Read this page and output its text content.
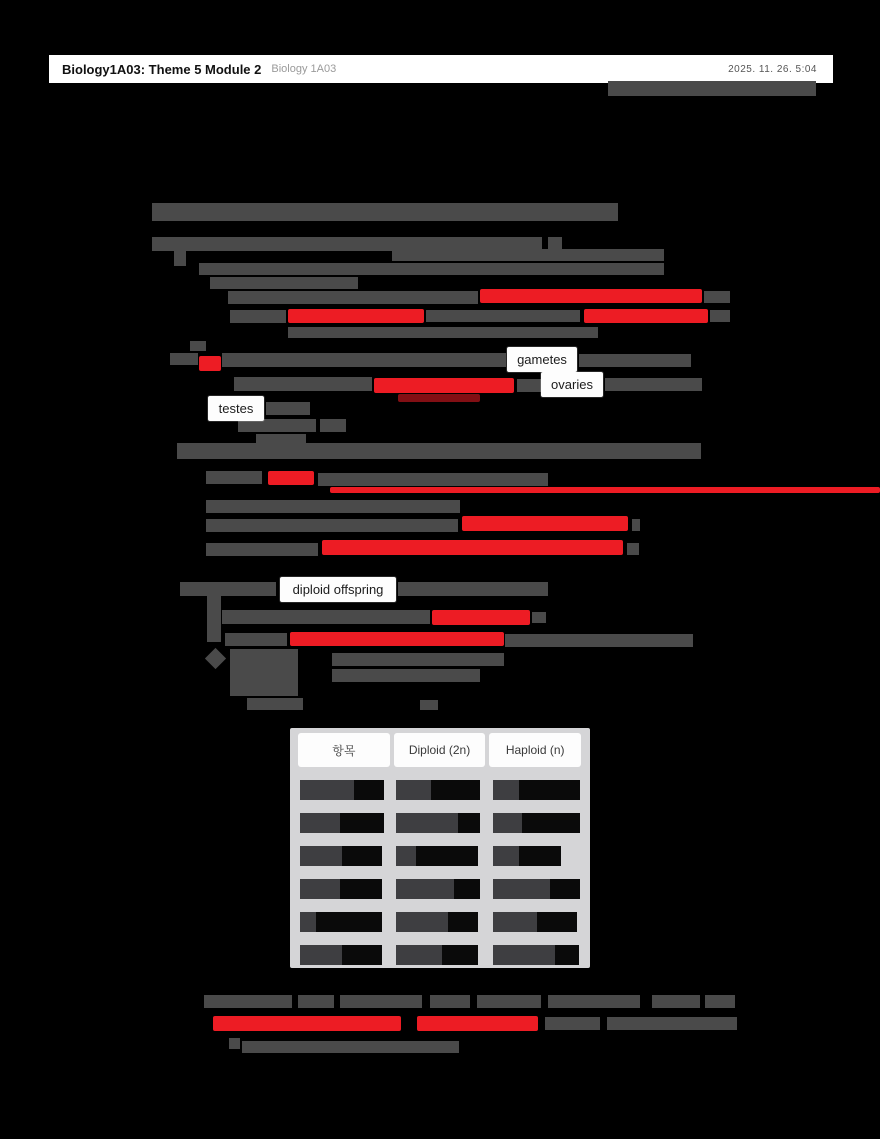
Biology1A03: Theme 5 Module 2 Biology 1A03	2025. 11. 26. 5:04
gametes
ovaries
testes
diploid offspring
항목	Diploid (2n)	Haploid (n)
